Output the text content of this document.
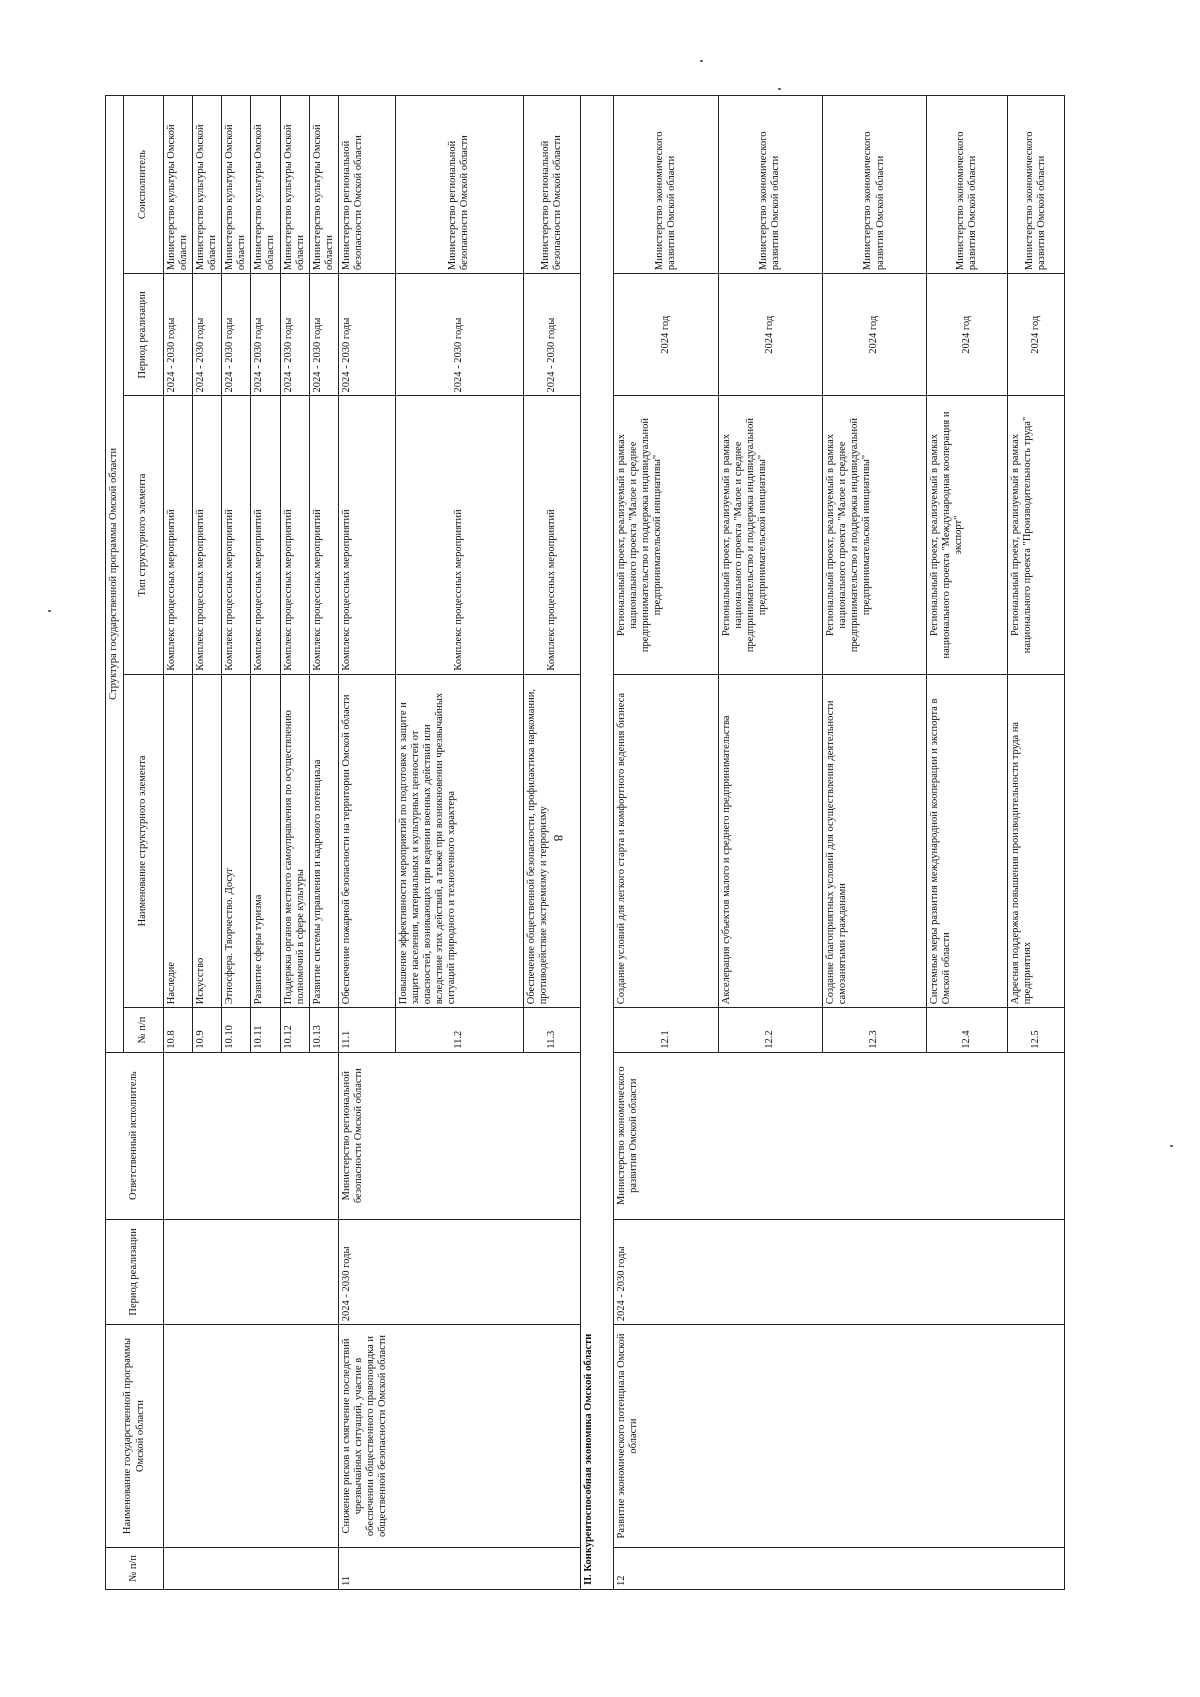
8
№ п/п	Наименование государственной программы Омской области	Период реализации	Ответственный исполнитель	Структура государственной программы Омской области				
				№ п/п	Наименование структурного элемента	Тип структурного элемента	Период реализации	Соисполнитель
				10.8	Наследие	Комплекс процессных мероприятий	2024 - 2030 годы	Министерство культуры Омской области
				10.9	Искусство	Комплекс процессных мероприятий	2024 - 2030 годы	Министерство культуры Омской области
				10.10	Этносфера. Творчество. Досуг	Комплекс процессных мероприятий	2024 - 2030 годы	Министерство культуры Омской области
				10.11	Развитие сферы туризма	Комплекс процессных мероприятий	2024 - 2030 годы	Министерство культуры Омской области
				10.12	Поддержка органов местного самоуправления по осуществлению полномочий в сфере культуры	Комплекс процессных мероприятий	2024 - 2030 годы	Министерство культуры Омской области
				10.13	Развитие системы управления и кадрового потенциала	Комплекс процессных мероприятий	2024 - 2030 годы	Министерство культуры Омской области
11	Снижение рисков и смягчение последствий чрезвычайных ситуаций, участие в обеспечении общественного правопорядка и общественной безопасности Омской области	2024 - 2030 годы	Министерство региональной безопасности Омской области	11.1	Обеспечение пожарной безопасности на территории Омской области	Комплекс процессных мероприятий	2024 - 2030 годы	Министерство региональной безопасности Омской области
				11.2	Повышение эффективности мероприятий по подготовке к защите и защите населения, материальных и культурных ценностей от опасностей, возникающих при ведении военных действий или вследствие этих действий, а также при возникновении чрезвычайных ситуаций природного и техногенного характера	Комплекс процессных мероприятий	2024 - 2030 годы	Министерство региональной безопасности Омской области
				11.3	Обеспечение общественной безопасности, профилактика наркомании, противодействие экстремизму и терроризму	Комплекс процессных мероприятий	2024 - 2030 годы	Министерство региональной безопасности Омской области
II. Конкурентоспособная экономика Омской области								
12	Развитие экономического потенциала Омской области	2024 - 2030 годы	Министерство экономического развития Омской области	12.1	Создание условий для легкого старта и комфортного ведения бизнеса	Региональный проект, реализуемый в рамках национального проекта "Малое и среднее предпринимательство и поддержка индивидуальной предпринимательской инициативы"	2024 год	Министерство экономического развития Омской области
				12.2	Акселерация субъектов малого и среднего предпринимательства	Региональный проект, реализуемый в рамках национального проекта "Малое и среднее предпринимательство и поддержка индивидуальной предпринимательской инициативы"	2024 год	Министерство экономического развития Омской области
				12.3	Создание благоприятных условий для осуществления деятельности самозанятыми гражданами	Региональный проект, реализуемый в рамках национального проекта "Малое и среднее предпринимательство и поддержка индивидуальной предпринимательской инициативы"	2024 год	Министерство экономического развития Омской области
				12.4	Системные меры развития международной кооперации и экспорта в Омской области	Региональный проект, реализуемый в рамках национального проекта "Международная кооперация и экспорт"	2024 год	Министерство экономического развития Омской области
				12.5	Адресная поддержка повышения производительности труда на предприятиях	Региональный проект, реализуемый в рамках национального проекта "Производительность труда"	2024 год	Министерство экономического развития Омской области
